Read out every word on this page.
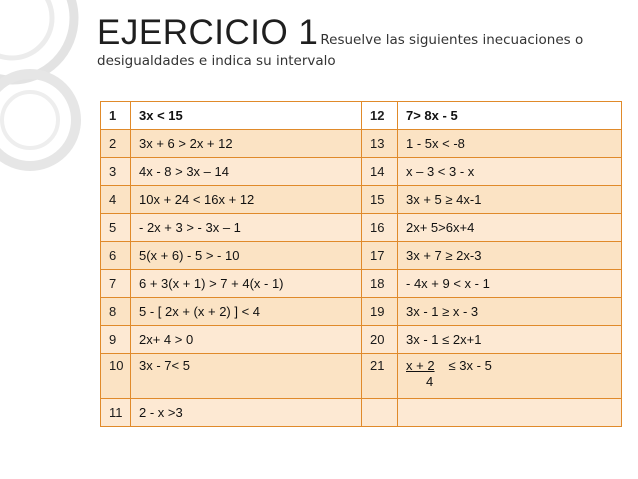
EJERCICIO 1 Resuelve las siguientes inecuaciones o
desigualdades e indica su intervalo
1	3x < 15	12	7> 8x - 5
2	3x + 6 > 2x + 12	13	1 - 5x < -8
3	4x - 8 > 3x – 14	14	x – 3 < 3 - x
4	10x + 24 < 16x + 12	15	3x + 5 ≥ 4x-1
5	- 2x + 3 > - 3x – 1	16	2x+ 5>6x+4
6	5(x + 6) - 5 > - 10	17	3x + 7 ≥ 2x-3
7	6 + 3(x + 1) > 7 + 4(x - 1)	18	- 4x + 9 < x - 1
8	5 - [ 2x + (x + 2) ] < 4	19	3x - 1 ≥ x - 3
9	2x+ 4 > 0	20	3x - 1 ≤ 2x+1
10	3x - 7< 5	21	$\frac{x + 2}{4} \le 3x - 5$
11	2 - x >3		
